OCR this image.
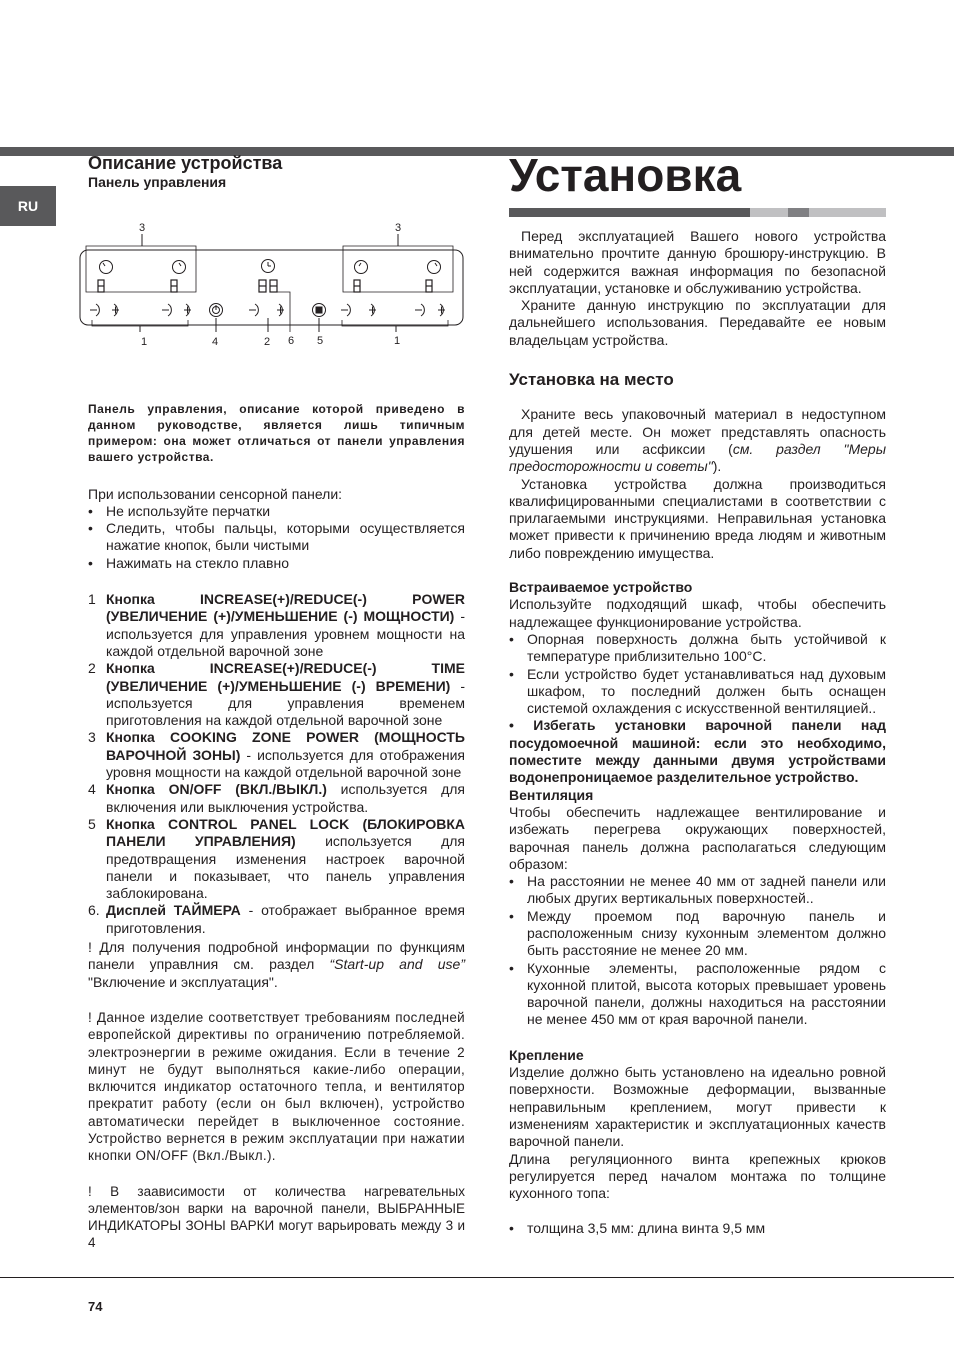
RU
Описание устройства
Панель управления

Панель управления, описание которой приведено в данном руководстве, является лишь типичным примером: она может отличаться от панели управления вашего устройства.

При использовании сенсорной панели:

• Не используйте перчатки
• Следить, чтобы пальцы, которыми осуществляется нажатие кнопок, были чистыми
• Нажимать на стекло плавно
1 Кнопка INCREASE(+)/REDUCE(-) POWER (УВЕЛИЧЕНИЕ (+)/УМЕНЬШЕНИЕ (-) МОЩНОСТИ) - используется для управления уровнем мощности на каждой отдельной варочной зоне
2 Кнопка INCREASE(+)/REDUCE(-) TIME (УВЕЛИЧЕНИЕ (+)/УМЕНЬШЕНИЕ (-) ВРЕМЕНИ) - используется для управления временем приготовления на каждой отдельной варочной зоне
3 Кнопка COOKING ZONE POWER (МОЩНОСТЬ ВАРОЧНОЙ ЗОНЫ) - используется для отображения уровня мощности на каждой отдельной варочной зоне
4 Кнопка ON/OFF (ВКЛ./ВЫКЛ.) используется для включения или выключения устройства.
5 Кнопка CONTROL PANEL LOCK (БЛОКИРОВКА ПАНЕЛИ УПРАВЛЕНИЯ) используется для предотвращения изменения настроек варочной панели и показывает, что панель управления заблокирована.
6. Дисплей ТАЙМЕРА - отображает выбранное время приготовления.

! Для получения подробной информации по функциям панели управлния см. раздел “Start-up and use” "Включение и эксплуатация".

! Данное изделие соответствует требованиям последней европейской директивы по ограничению потребляемой. электроэнергии в режиме ожидания. Если в течение 2 минут не будут выполняться какие-либо операции, включится индикатор остаточного тепла, и вентилятор прекратит работу (если он был включен), устройство автоматически перейдет в выключенное состояние. Устройство вернется в режим эксплуатации при нажатии кнопки ON/OFF (Вкл./Выкл.).

! В заависимости от количества нагревательных элементов/зон варки на варочной панели, ВЫБРАННЫЕ ИНДИКАТОРЫ ЗОНЫ ВАРКИ могут варьировать между 3 и 4

3	3
1	4	2 6 5	1
Установка

Перед эксплуатацией Вашего нового устройства внимательно прочтите данную брошюру-инструкцию. В ней содержится важная информация по безопасной эксплуатации, установке и обслуживанию устройства.

Храните данную инструкцию по эксплуатации для дальнейшего использования. Передавайте ее новым владельцам устройства.

Установка на место

Храните весь упаковочный материал в недоступном для детей месте. Он может представлять опасность удушения или асфиксии (см. раздел "Меры предосторожности и советы").

Установка устройства должна производиться квалифицированными специалистами в соответствии с прилагаемыми инструкциями. Неправильная установка может привести к причинению вреда людям и животным либо повреждению имущества.

Встраиваемое устройство

Используйте подходящий шкаф, чтобы обеспечить надлежащее функционирование устройства.

• Опорная поверхность должна быть устойчивой к температуре приблизительно 100°С.
• Если устройство будет устанавливаться над духовым шкафом, то последний должен быть оснащен системой охлаждения с искусственной вентиляцией..

• Избегать установки варочной панели над посудомоечной машиной: если это необходимо, поместите между данными двумя устройствами водонепроницаемое разделительное устройство.

Вентиляция

Чтобы обеспечить надлежащее вентилирование и избежать перегрева окружающих поверхностей, варочная панель должна располагаться следующим образом:

• На расстоянии не менее 40 мм от задней панели или любых других вертикальных поверхностей..
• Между проемом под варочную панель и расположенным снизу кухонным элементом должно быть расстояние не менее 20 мм.
• Кухонные элементы, расположенные рядом с кухонной плитой, высота которых превышает уровень варочной панели, должны находиться на расстоянии не менее 450 мм от края варочной панели.
Крепление

Изделие должно быть установлено на идеально ровной поверхности. Возможные деформации, вызванные неправильным креплением, могут привести к изменениям характеристик и эксплуатационных качеств варочной панели.

Длина регуляционного винта крепежных крюков регулируется перед началом монтажа по толщине кухонного топа:

• толщина 3,5 мм: длина винта 9,5 мм
74
